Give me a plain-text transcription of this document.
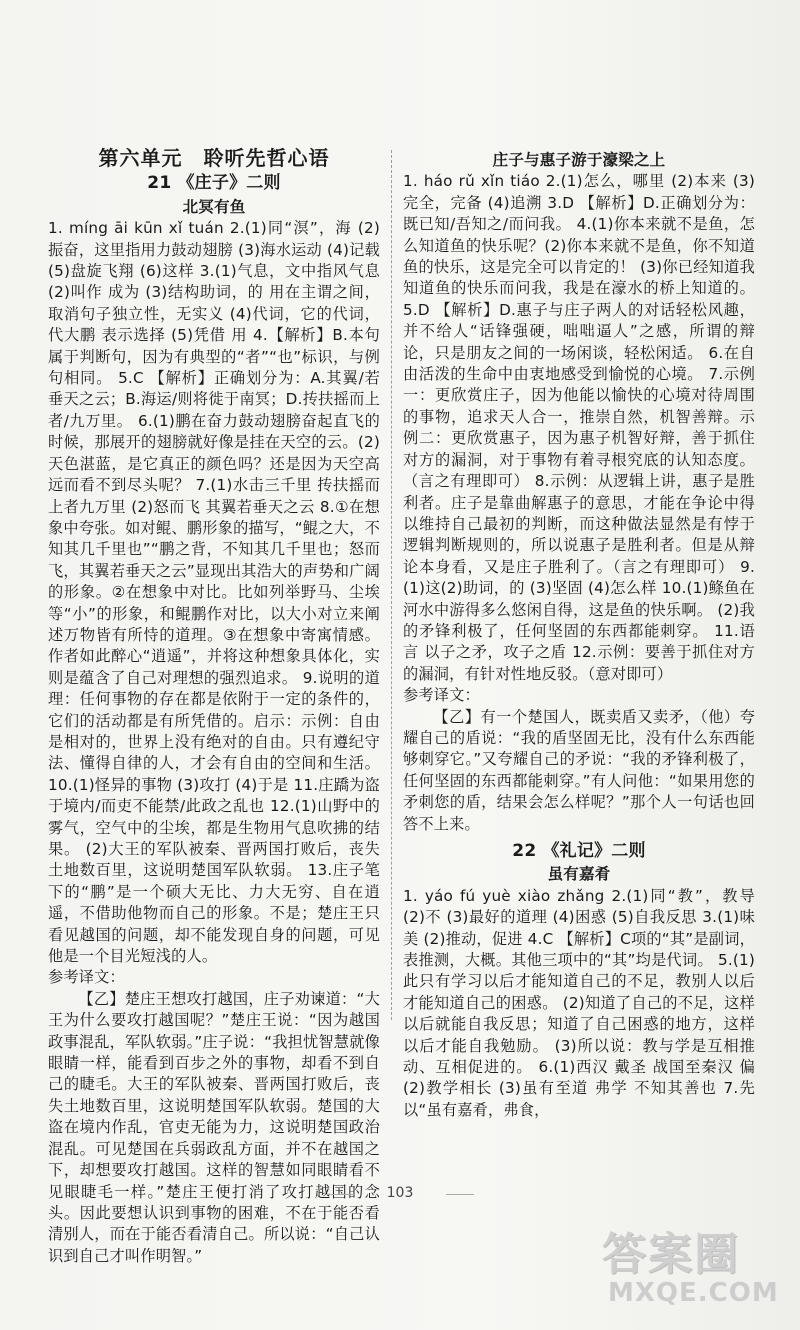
第六单元　聆听先哲心语
21 《庄子》二则
北冥有鱼

1. míng āi kūn xǐ tuán 2.(1)同“溟”，海 (2)振奋，这里指用力鼓动翅膀 (3)海水运动 (4)记载 (5)盘旋飞翔 (6)这样 3.(1)气息，文中指风气息 (2)叫作 成为 (3)结构助词，的 用在主谓之间，取消句子独立性，无实义 (4)代词，它的代词，代大鹏 表示选择 (5)凭借 用 4.【解析】B.本句属于判断句，因为有典型的“者”“也”标识，与例句相同。 5.C 【解析】正确划分为：A.其翼/若垂天之云；B.海运/则将徙于南冥；D.抟扶摇而上者/九万里。 6.(1)鹏在奋力鼓动翅膀奋起直飞的时候，那展开的翅膀就好像是挂在天空的云。(2)天色湛蓝，是它真正的颜色吗？还是因为天空高远而看不到尽头呢？ 7.(1)水击三千里 抟扶摇而上者九万里 (2)怒而飞 其翼若垂天之云 8.①在想象中夸张。如对鲲、鹏形象的描写，“鲲之大，不知其几千里也”“鹏之背，不知其几千里也；怒而飞，其翼若垂天之云”显现出其浩大的声势和广阔的形象。②在想象中对比。比如列举野马、尘埃等“小”的形象，和鲲鹏作对比，以大小对立来阐述万物皆有所恃的道理。③在想象中寄寓情感。作者如此醉心“逍遥”，并将这种想象具体化，实则是蕴含了自己对理想的强烈追求。 9.说明的道理：任何事物的存在都是依附于一定的条件的，它们的活动都是有所凭借的。启示：示例：自由是相对的，世界上没有绝对的自由。只有遵纪守法、懂得自律的人，才会有自由的空间和生活。 10.(1)怪异的事物 (3)攻打 (4)于是 11.庄蹻为盗于境内/而吏不能禁/此政之乱也 12.(1)山野中的雾气，空气中的尘埃，都是生物用气息吹拂的结果。 (2)大王的军队被秦、晋两国打败后，丧失土地数百里，这说明楚国军队软弱。 13.庄子笔下的“鹏”是一个硕大无比、力大无穷、自在逍遥，不借助他物而自己的形象。不是；楚庄王只看见越国的问题，却不能发现自身的问题，可见他是一个目光短浅的人。

参考译文：

【乙】楚庄王想攻打越国，庄子劝谏道：“大王为什么要攻打越国呢？”楚庄王说：“因为越国政事混乱，军队软弱。”庄子说：“我担忧智慧就像眼睛一样，能看到百步之外的事物，却看不到自己的睫毛。大王的军队被秦、晋两国打败后，丧失土地数百里，这说明楚国军队软弱。楚国的大盗在境内作乱，官吏无能为力，这说明楚国政治混乱。可见楚国在兵弱政乱方面，并不在越国之下，却想要攻打越国。这样的智慧如同眼睛看不见眼睫毛一样。”楚庄王便打消了攻打越国的念头。因此要想认识到事物的困难，不在于能否看清别人，而在于能否看清自己。所以说：“自己认识到自己才叫作明智。”

庄子与惠子游于濠梁之上

1. háo rǔ xǐn tiáo 2.(1)怎么，哪里 (2)本来 (3)完全，完备 (4)追溯 3.D 【解析】D.正确划分为：既已知/吾知之/而问我。 4.(1)你本来就不是鱼，怎么知道鱼的快乐呢？(2)你本来就不是鱼，你不知道鱼的快乐，这是完全可以肯定的！ (3)你已经知道我知道鱼的快乐而问我，我是在濠水的桥上知道的。 5.D 【解析】D.惠子与庄子两人的对话轻松风趣，并不给人“话锋强硬，咄咄逼人”之感，所谓的辩论，只是朋友之间的一场闲谈，轻松闲适。 6.在自由活泼的生命中由衷地感受到愉悦的心境。 7.示例一：更欣赏庄子，因为他能以愉快的心境对待周围的事物，追求天人合一，推崇自然，机智善辩。示例二：更欣赏惠子，因为惠子机智好辩，善于抓住对方的漏洞，对于事物有着寻根究底的认知态度。（言之有理即可） 8.示例：从逻辑上讲，惠子是胜利者。庄子是靠曲解惠子的意思，才能在争论中得以维持自己最初的判断，而这种做法显然是有悖于逻辑判断规则的，所以说惠子是胜利者。但是从辩论本身看，又是庄子胜利了。（言之有理即可） 9.(1)这(2)助词，的 (3)坚固 (4)怎么样 10.(1)鲦鱼在河水中游得多么悠闲自得，这是鱼的快乐啊。 (2)我的矛锋利极了，任何坚固的东西都能刺穿。 11.语言 以子之矛，攻子之盾 12.示例：要善于抓住对方的漏洞，有针对性地反驳。（意对即可）

参考译文：

【乙】有一个楚国人，既卖盾又卖矛，（他）夸耀自己的盾说：“我的盾坚固无比，没有什么东西能够刺穿它。”又夸耀自己的矛说：“我的矛锋利极了，任何坚固的东西都能刺穿。”有人问他：“如果用您的矛刺您的盾，结果会怎么样呢？”那个人一句话也回答不上来。

22 《礼记》二则
虽有嘉肴

1. yáo fú yuè xiào zhǎng 2.(1)同“教”，教导 (2)不 (3)最好的道理 (4)困惑 (5)自我反思 3.(1)味美 (2)推动，促进 4.C 【解析】C项的“其”是副词，表推测，大概。其他三项中的“其”均是代词。 5.(1)此只有学习以后才能知道自己的不足，教别人以后才能知道自己的困惑。 (2)知道了自己的不足，这样以后就能自我反思；知道了自己困惑的地方，这样以后才能自我勉励。 (3)所以说：教与学是互相推动、互相促进的。 6.(1)西汉 戴圣 战国至秦汉 偏 (2)教学相长 (3)虽有至道 弗学 不知其善也 7.先以“虽有嘉肴，弗食，

103
答案圈
MXQE.COM
